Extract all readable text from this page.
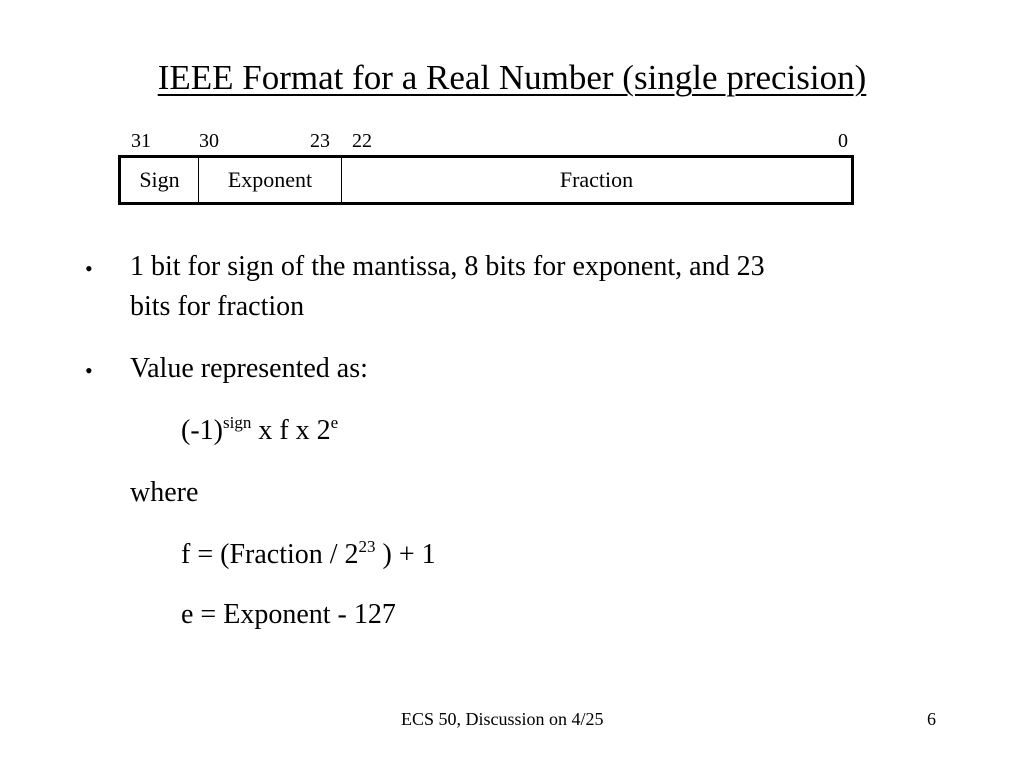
IEEE Format for a Real Number (single precision)
31 30	23 22	0
Sign	Exponent	Fraction
• 1 bit for sign of the mantissa, 8 bits for exponent, and 23
bits for fraction
• Value represented as:
$(-1)^{sign}$ x f x 2e
where
f = (Fraction / $2^{23}$ ) + 1
e = Exponent - 127
ECS 50, Discussion on 4/25	6
